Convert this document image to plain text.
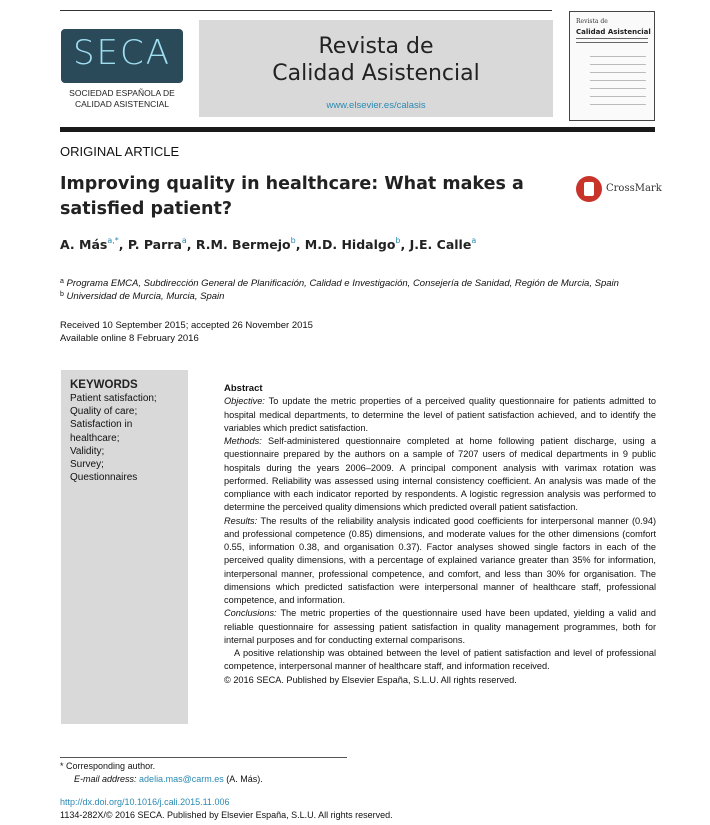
SECA
SOCIEDAD ESPAÑOLA DE
CALIDAD ASISTENCIAL
Revista de
Calidad Asistencial
www.elsevier.es/calasis
Revista de
Calidad Asistencial
ORIGINAL ARTICLE
Improving quality in healthcare: What makes a satisfied patient?
CrossMark
A. Más$^{a,*}$, P. Parra$^a$, R.M. Bermejo$^b$, M.D. Hidalgo$^b$, J.E. Calle$^a$
$^a$ Programa EMCA, Subdirección General de Planificación, Calidad e Investigación, Consejería de Sanidad, Región de Murcia, Spain
$^b$ Universidad de Murcia, Murcia, Spain
Received 10 September 2015; accepted 26 November 2015
Available online 8 February 2016
KEYWORDS
Patient satisfaction;
Quality of care;
Satisfaction in
healthcare;
Validity;
Survey;
Questionnaires
Abstract
Objective: To update the metric properties of a perceived quality questionnaire for patients admitted to hospital medical departments, to determine the level of patient satisfaction achieved, and to identify the variables which predict satisfaction.
Methods: Self-administered questionnaire completed at home following patient discharge, using a questionnaire prepared by the authors on a sample of 7207 users of medical departments in 9 public hospitals during the years 2006–2009. A principal component analysis with varimax rotation was performed. Reliability was assessed using internal consistency coefficient. An analysis was made of the compliance with each indicator reported by respondents. A logistic regression analysis was performed to determine the perceived quality dimensions which predicted overall patient satisfaction.
Results: The results of the reliability analysis indicated good coefficients for interpersonal manner (0.94) and professional competence (0.85) dimensions, and moderate values for the other dimensions (comfort 0.55, information 0.38, and organisation 0.37). Factor analyses showed single factors in each of the perceived quality dimensions, with a percentage of explained variance greater than 35% for information, interpersonal manner, professional competence, and comfort, and less than 30% for organisation. The dimensions which predicted satisfaction were interpersonal manner of healthcare staff, professional competence, and information.
Conclusions: The metric properties of the questionnaire used have been updated, yielding a valid and reliable questionnaire for assessing patient satisfaction in quality management programmes, both for internal purposes and for conducting external comparisons.
A positive relationship was obtained between the level of patient satisfaction and level of professional competence, interpersonal manner of healthcare staff, and information received.
© 2016 SECA. Published by Elsevier España, S.L.U. All rights reserved.
* Corresponding author.
E-mail address: adelia.mas@carm.es (A. Más).
http://dx.doi.org/10.1016/j.cali.2015.11.006
1134-282X/© 2016 SECA. Published by Elsevier España, S.L.U. All rights reserved.
